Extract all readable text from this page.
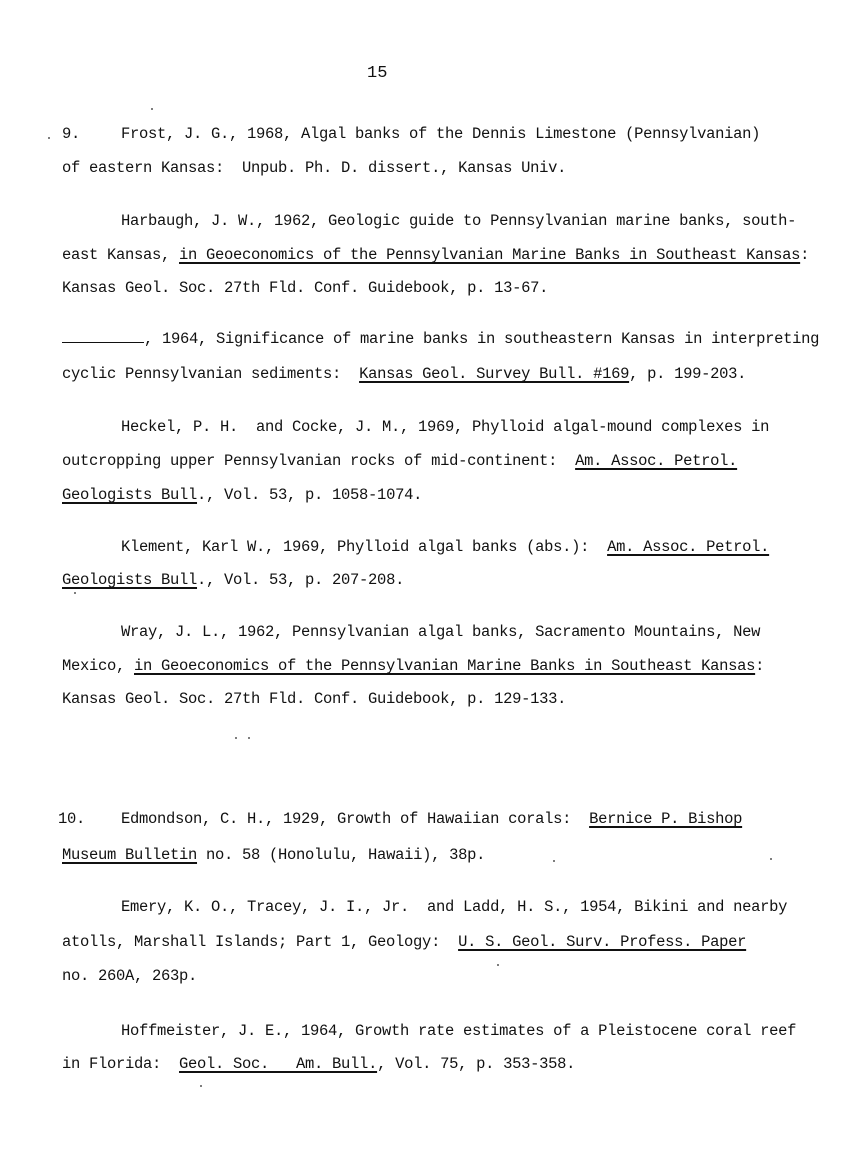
15
9.	Frost, J. G., 1968, Algal banks of the Dennis Limestone (Pennsylvanian)
of eastern Kansas:  Unpub. Ph. D. dissert., Kansas Univ.
Harbaugh, J. W., 1962, Geologic guide to Pennsylvanian marine banks, south-
east Kansas, in Geoeconomics of the Pennsylvanian Marine Banks in Southeast Kansas:
Kansas Geol. Soc. 27th Fld. Conf. Guidebook, p. 13-67.
, 1964, Significance of marine banks in southeastern Kansas in interpreting
cyclic Pennsylvanian sediments:  Kansas Geol. Survey Bull. #169, p. 199-203.
Heckel, P. H.  and Cocke, J. M., 1969, Phylloid algal-mound complexes in
outcropping upper Pennsylvanian rocks of mid-continent:  Am. Assoc. Petrol.
Geologists Bull., Vol. 53, p. 1058-1074.
Klement, Karl W., 1969, Phylloid algal banks (abs.):  Am. Assoc. Petrol.
Geologists Bull., Vol. 53, p. 207-208.
Wray, J. L., 1962, Pennsylvanian algal banks, Sacramento Mountains, New
Mexico, in Geoeconomics of the Pennsylvanian Marine Banks in Southeast Kansas:
Kansas Geol. Soc. 27th Fld. Conf. Guidebook, p. 129-133.
10. Edmondson, C. H., 1929, Growth of Hawaiian corals:  Bernice P. Bishop
Museum Bulletin no. 58 (Honolulu, Hawaii), 38p.
Emery, K. O., Tracey, J. I., Jr.  and Ladd, H. S., 1954, Bikini and nearby
atolls, Marshall Islands; Part 1, Geology:  U. S. Geol. Surv. Profess. Paper
no. 260A, 263p.
Hoffmeister, J. E., 1964, Growth rate estimates of a Pleistocene coral reef
in Florida:  Geol. Soc.   Am. Bull., Vol. 75, p. 353-358.
